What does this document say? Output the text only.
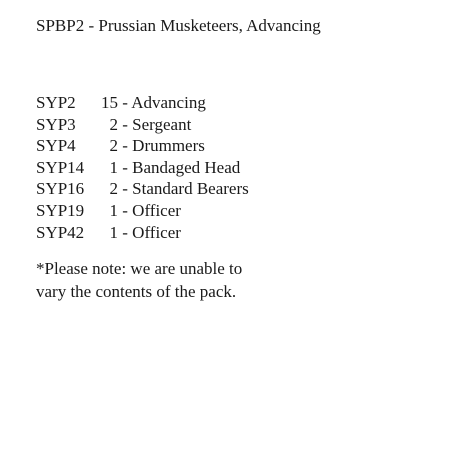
SPBP2 - Prussian Musketeers, Advancing

SYP2 15 - Advancing
SYP3 2 - Sergeant
SYP4 2 - Drummers
SYP14 1 - Bandaged Head
SYP16 2 - Standard Bearers
SYP19 1 - Officer
SYP42 1 - Officer

*Please note: we are unable to vary the contents of the pack.
